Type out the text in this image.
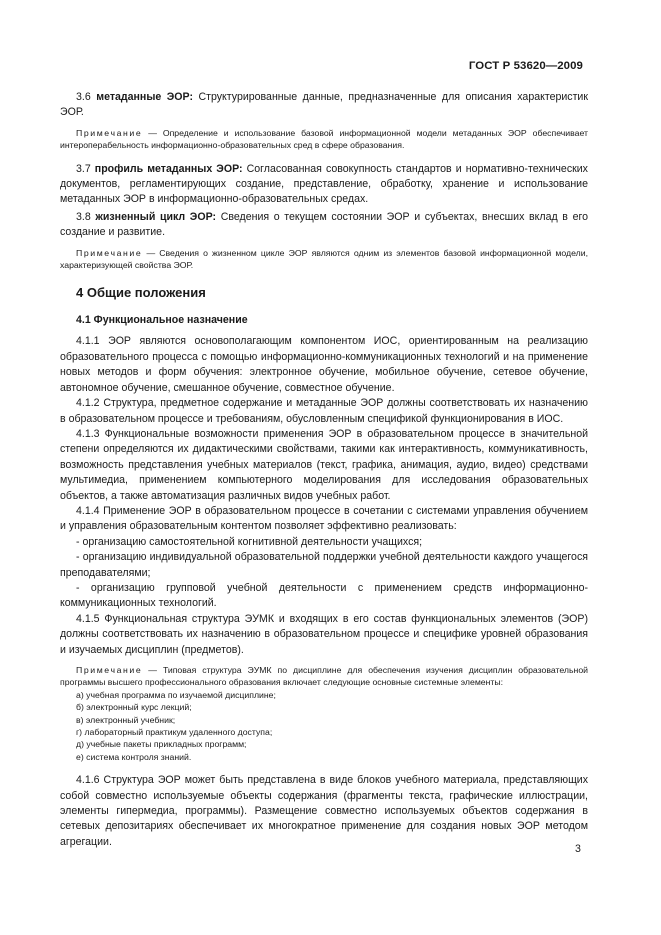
ГОСТ Р 53620—2009

3.6 метаданные ЭОР: Структурированные данные, предназначенные для описания характеристик ЭОР.

Примечание — Определение и использование базовой информационной модели метаданных ЭОР обеспечивает интероперабельность информационно-образовательных сред в сфере образования.

3.7 профиль метаданных ЭОР: Согласованная совокупность стандартов и нормативно-технических документов, регламентирующих создание, представление, обработку, хранение и использование метаданных ЭОР в информационно-образовательных средах.

3.8 жизненный цикл ЭОР: Сведения о текущем состоянии ЭОР и субъектах, внесших вклад в его создание и развитие.

Примечание — Сведения о жизненном цикле ЭОР являются одним из элементов базовой информационной модели, характеризующей свойства ЭОР.

4 Общие положения
4.1 Функциональное назначение

4.1.1 ЭОР являются основополагающим компонентом ИОС, ориентированным на реализацию образовательного процесса с помощью информационно-коммуникационных технологий и на применение новых методов и форм обучения: электронное обучение, мобильное обучение, сетевое обучение, автономное обучение, смешанное обучение, совместное обучение.

4.1.2 Структура, предметное содержание и метаданные ЭОР должны соответствовать их назначению в образовательном процессе и требованиям, обусловленным спецификой функционирования в ИОС.

4.1.3 Функциональные возможности применения ЭОР в образовательном процессе в значительной степени определяются их дидактическими свойствами, такими как интерактивность, коммуникативность, возможность представления учебных материалов (текст, графика, анимация, аудио, видео) средствами мультимедиа, применением компьютерного моделирования для исследования образовательных объектов, а также автоматизация различных видов учебных работ.

4.1.4 Применение ЭОР в образовательном процессе в сочетании с системами управления обучением и управления образовательным контентом позволяет эффективно реализовать:

- организацию самостоятельной когнитивной деятельности учащихся;

- организацию индивидуальной образовательной поддержки учебной деятельности каждого учащегося преподавателями;

- организацию групповой учебной деятельности с применением средств информационно-коммуникационных технологий.

4.1.5 Функциональная структура ЭУМК и входящих в его состав функциональных элементов (ЭОР) должны соответствовать их назначению в образовательном процессе и специфике уровней образования и изучаемых дисциплин (предметов).

Примечание — Типовая структура ЭУМК по дисциплине для обеспечения изучения дисциплин образовательной программы высшего профессионального образования включает следующие основные системные элементы:

а) учебная программа по изучаемой дисциплине;
б) электронный курс лекций;
в) электронный учебник;
г) лабораторный практикум удаленного доступа;
д) учебные пакеты прикладных программ;
е) система контроля знаний.

4.1.6 Структура ЭОР может быть представлена в виде блоков учебного материала, представляющих собой совместно используемые объекты содержания (фрагменты текста, графические иллюстрации, элементы гипермедиа, программы). Размещение совместно используемых объектов содержания в сетевых депозитариях обеспечивает их многократное применение для создания новых ЭОР методом агрегации.

3
